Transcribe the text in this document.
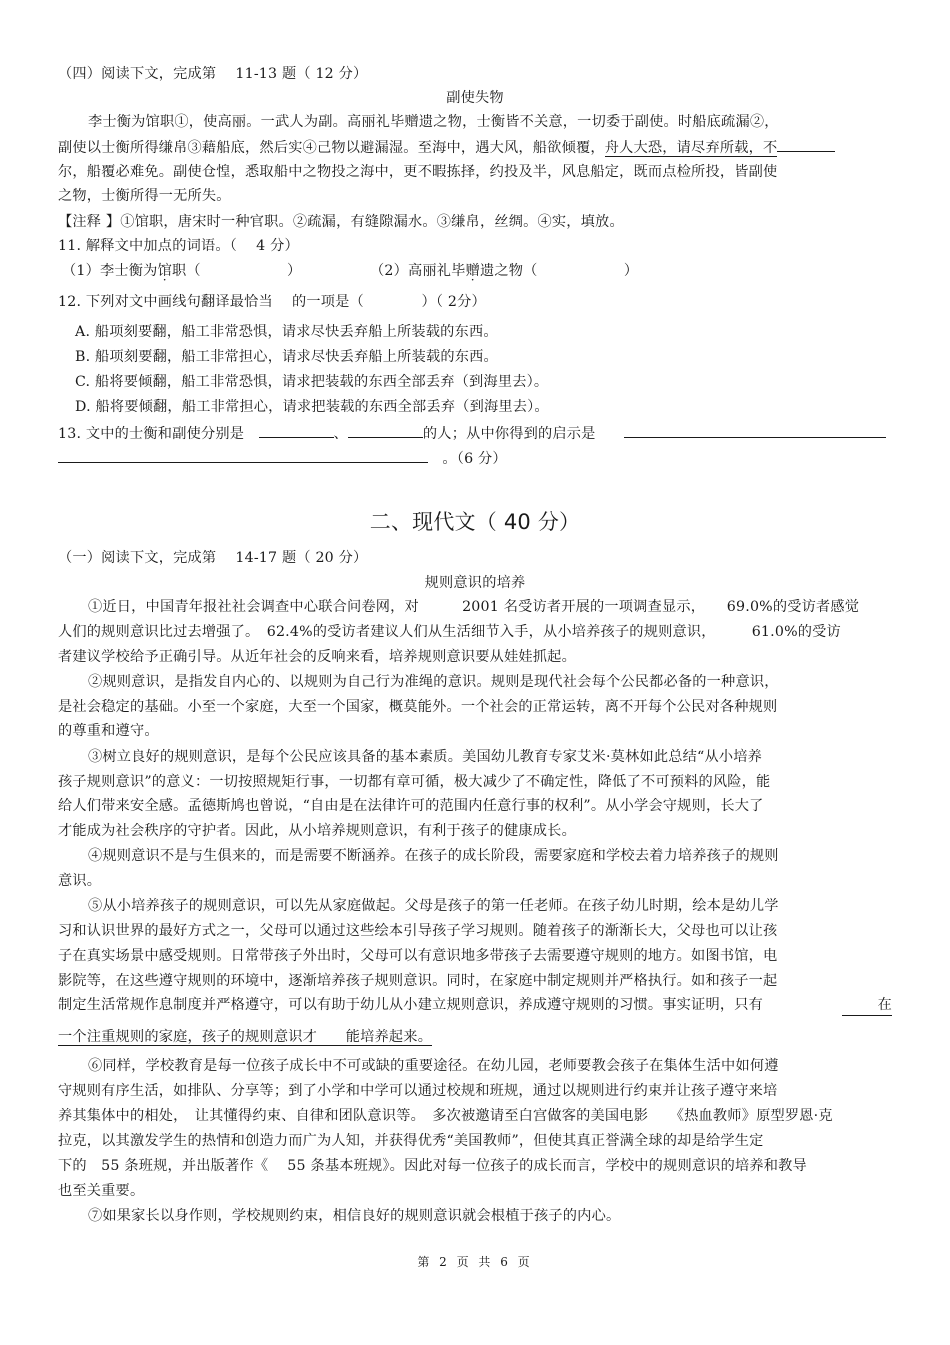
（四）阅读下文，完成第　 11-13 题（ 12 分）
副使失物
李士衡为馆职①，使高丽。一武人为副。高丽礼毕赠遗之物，士衡皆不关意，一切委于副使。时船底疏漏②，
副使以士衡所得缣帛③藉船底，然后实④己物以避漏湿。至海中，遇大风，船欲倾覆，舟人大恐，请尽弃所载，不
尔，船覆必难免。副使仓惶，悉取船中之物投之海中，更不暇拣择，约投及半，风息船定，既而点检所投，皆副使
之物，士衡所得一无所失。
【注释 】①馆职，唐宋时一种官职。②疏漏，有缝隙漏水。③缣帛，丝绸。④实，填放。
11. 解释文中加点的词语。（　 4 分）
（1）李士衡为馆职（　　　　　　）	（2）高丽礼毕赠遗之物（　　　　　　）
12. 下列对文中画线句翻译最恰当　 的一项是（　　　　）（ 2分）
A. 船项刻要翻，船工非常恐惧，请求尽快丢弃船上所装载的东西。
B. 船项刻要翻，船工非常担心，请求尽快丢弃船上所装载的东西。
C. 船将要倾翻，船工非常恐惧，请求把装载的东西全部丢弃（到海里去）。
D. 船将要倾翻，船工非常担心，请求把装载的东西全部丢弃（到海里去）。
13. 文中的士衡和副使分别是　	、	的人；从中你得到的启示是　　
　。（6 分）
二、现代文（ 40 分）
（一）阅读下文，完成第　 14-17 题（ 20 分）
规则意识的培养
①近日，中国青年报社社会调查中心联合问卷网，对　　　2001 名受访者开展的一项调查显示，　　69.0%的受访者感觉
人们的规则意识比过去增强了。　62.4%的受访者建议人们从生活细节入手，从小培养孩子的规则意识，　　　61.0%的受访
者建议学校给予正确引导。从近年社会的反响来看，培养规则意识要从娃娃抓起。
②规则意识，是指发自内心的、以规则为自己行为准绳的意识。规则是现代社会每个公民都必备的一种意识，
是社会稳定的基础。小至一个家庭，大至一个国家，概莫能外。一个社会的正常运转，离不开每个公民对各种规则
的尊重和遵守。
③树立良好的规则意识，是每个公民应该具备的基本素质。美国幼儿教育专家艾米·莫林如此总结“从小培养
孩子规则意识”的意义：一切按照规矩行事，一切都有章可循，极大减少了不确定性，降低了不可预料的风险，能
给人们带来安全感。孟德斯鸠也曾说，“自由是在法律许可的范围内任意行事的权利”。从小学会守规则，长大了
才能成为社会秩序的守护者。因此，从小培养规则意识，有利于孩子的健康成长。
④规则意识不是与生俱来的，而是需要不断涵养。在孩子的成长阶段，需要家庭和学校去着力培养孩子的规则
意识。
⑤从小培养孩子的规则意识，可以先从家庭做起。父母是孩子的第一任老师。在孩子幼儿时期，绘本是幼儿学
习和认识世界的最好方式之一，父母可以通过这些绘本引导孩子学习规则。随着孩子的渐渐长大，父母也可以让孩
子在真实场景中感受规则。日常带孩子外出时，父母可以有意识地多带孩子去需要遵守规则的地方。如图书馆，电
影院等，在这些遵守规则的环境中，逐渐培养孩子规则意识。同时，在家庭中制定规则并严格执行。如和孩子一起
制定生活常规作息制度并严格遵守，可以有助于幼儿从小建立规则意识，养成遵守规则的习惯。事实证明，只有	在
一个注重规则的家庭，孩子的规则意识才　　能培养起来。
⑥同样，学校教育是每一位孩子成长中不可或缺的重要途径。在幼儿园，老师要教会孩子在集体生活中如何遵
守规则有序生活，如排队、分享等；到了小学和中学可以通过校规和班规，通过以规则进行约束并让孩子遵守来培
养其集体中的相处，　让其懂得约束、自律和团队意识等。　多次被邀请至白宫做客的美国电影　　《热血教师》原型罗恩·克
拉克，以其激发学生的热情和创造力而广为人知，并获得优秀“美国教师”，但使其真正誉满全球的却是给学生定
下的　55 条班规，并出版著作《　 55 条基本班规》。因此对每一位孩子的成长而言，学校中的规则意识的培养和教导
也至关重要。
⑦如果家长以身作则，学校规则约束，相信良好的规则意识就会根植于孩子的内心。
第 2 页 共 6 页
